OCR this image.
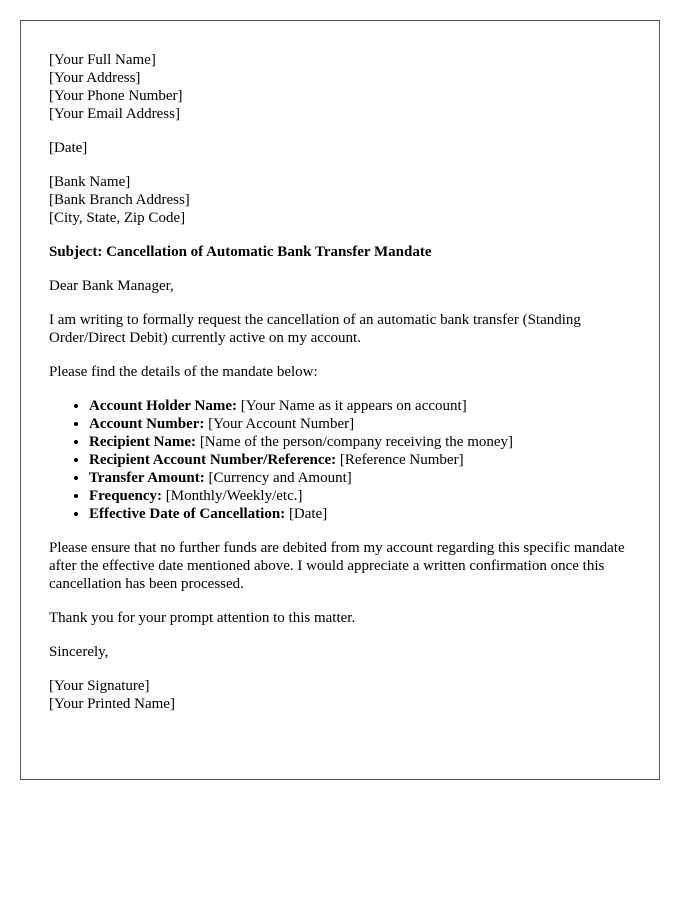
[Your Full Name]
[Your Address]
[Your Phone Number]
[Your Email Address]
[Date]
[Bank Name]
[Bank Branch Address]
[City, State, Zip Code]
Subject: Cancellation of Automatic Bank Transfer Mandate

Dear Bank Manager,

I am writing to formally request the cancellation of an automatic bank transfer (Standing Order/Direct Debit) currently active on my account.

Please find the details of the mandate below:

• Account Holder Name: [Your Name as it appears on account]
• Account Number: [Your Account Number]
• Recipient Name: [Name of the person/company receiving the money]
• Recipient Account Number/Reference: [Reference Number]
• Transfer Amount: [Currency and Amount]
• Frequency: [Monthly/Weekly/etc.]
• Effective Date of Cancellation: [Date]

Please ensure that no further funds are debited from my account regarding this specific mandate after the effective date mentioned above. I would appreciate a written confirmation once this cancellation has been processed.

Thank you for your prompt attention to this matter.

Sincerely,

[Your Signature]
[Your Printed Name]
